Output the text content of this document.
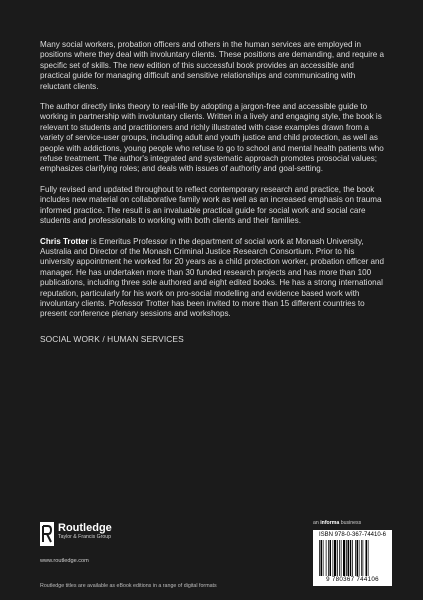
Many social workers, probation officers and others in the human services are employed in positions where they deal with involuntary clients. These positions are demanding, and require a specific set of skills. The new edition of this successful book provides an accessible and practical guide for managing difficult and sensitive relationships and communicating with reluctant clients.

The author directly links theory to real-life by adopting a jargon-free and accessible guide to working in partnership with involuntary clients. Written in a lively and engaging style, the book is relevant to students and practitioners and richly illustrated with case examples drawn from a variety of service-user groups, including adult and youth justice and child protection, as well as people with addictions, young people who refuse to go to school and mental health patients who refuse treatment. The author's integrated and systematic approach promotes prosocial values; emphasizes clarifying roles; and deals with issues of authority and goal-setting.

Fully revised and updated throughout to reflect contemporary research and practice, the book includes new material on collaborative family work as well as an increased emphasis on trauma informed practice. The result is an invaluable practical guide for social work and social care students and professionals to working with both clients and their families.

Chris Trotter is Emeritus Professor in the department of social work at Monash University, Australia and Director of the Monash Criminal Justice Research Consortium. Prior to his university appointment he worked for 20 years as a child protection worker, probation officer and manager. He has undertaken more than 30 funded research projects and has more than 100 publications, including three sole authored and eight edited books. He has a strong international reputation, particularly for his work on pro-social modelling and evidence based work with involuntary clients. Professor Trotter has been invited to more than 15 different countries to present conference plenary sessions and workshops.

SOCIAL WORK / HUMAN SERVICES

Routledge
Taylor & Francis Group
www.routledge.com
Routledge titles are available as eBook editions in a range of digital formats
an informa business
ISBN 978-0-367-74410-6
9 780367 744106
